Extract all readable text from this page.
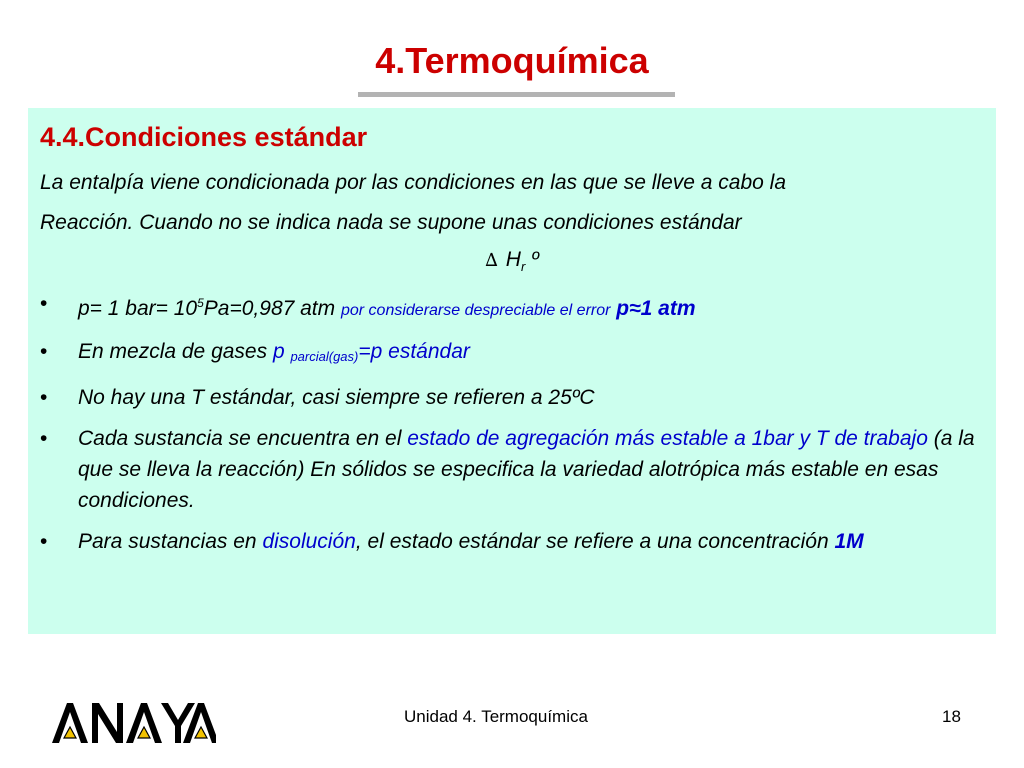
4.Termoquímica
4.4.Condiciones estándar
La entalpía viene condicionada por las condiciones en las que se lleve a cabo la
Reacción. Cuando no se indica nada se supone unas condiciones estándar
∆ $H_r$ º
• p= 1 $bar= 10^5Pa=0,987$ atm por considerarse despreciable el error p≈1 atm
• En mezcla de gases p $_{parcial(gas)}$=p estándar
• No hay una T estándar, casi siempre se refieren a 25ºC
• Cada sustancia se encuentra en el estado de agregación más estable a 1bar y T de trabajo (a la que se lleva la reacción) En sólidos se especifica la variedad alotrópica más estable en esas condiciones.
• Para sustancias en disolución, el estado estándar se refiere a una concentración 1M
Unidad 4. Termoquímica	18
